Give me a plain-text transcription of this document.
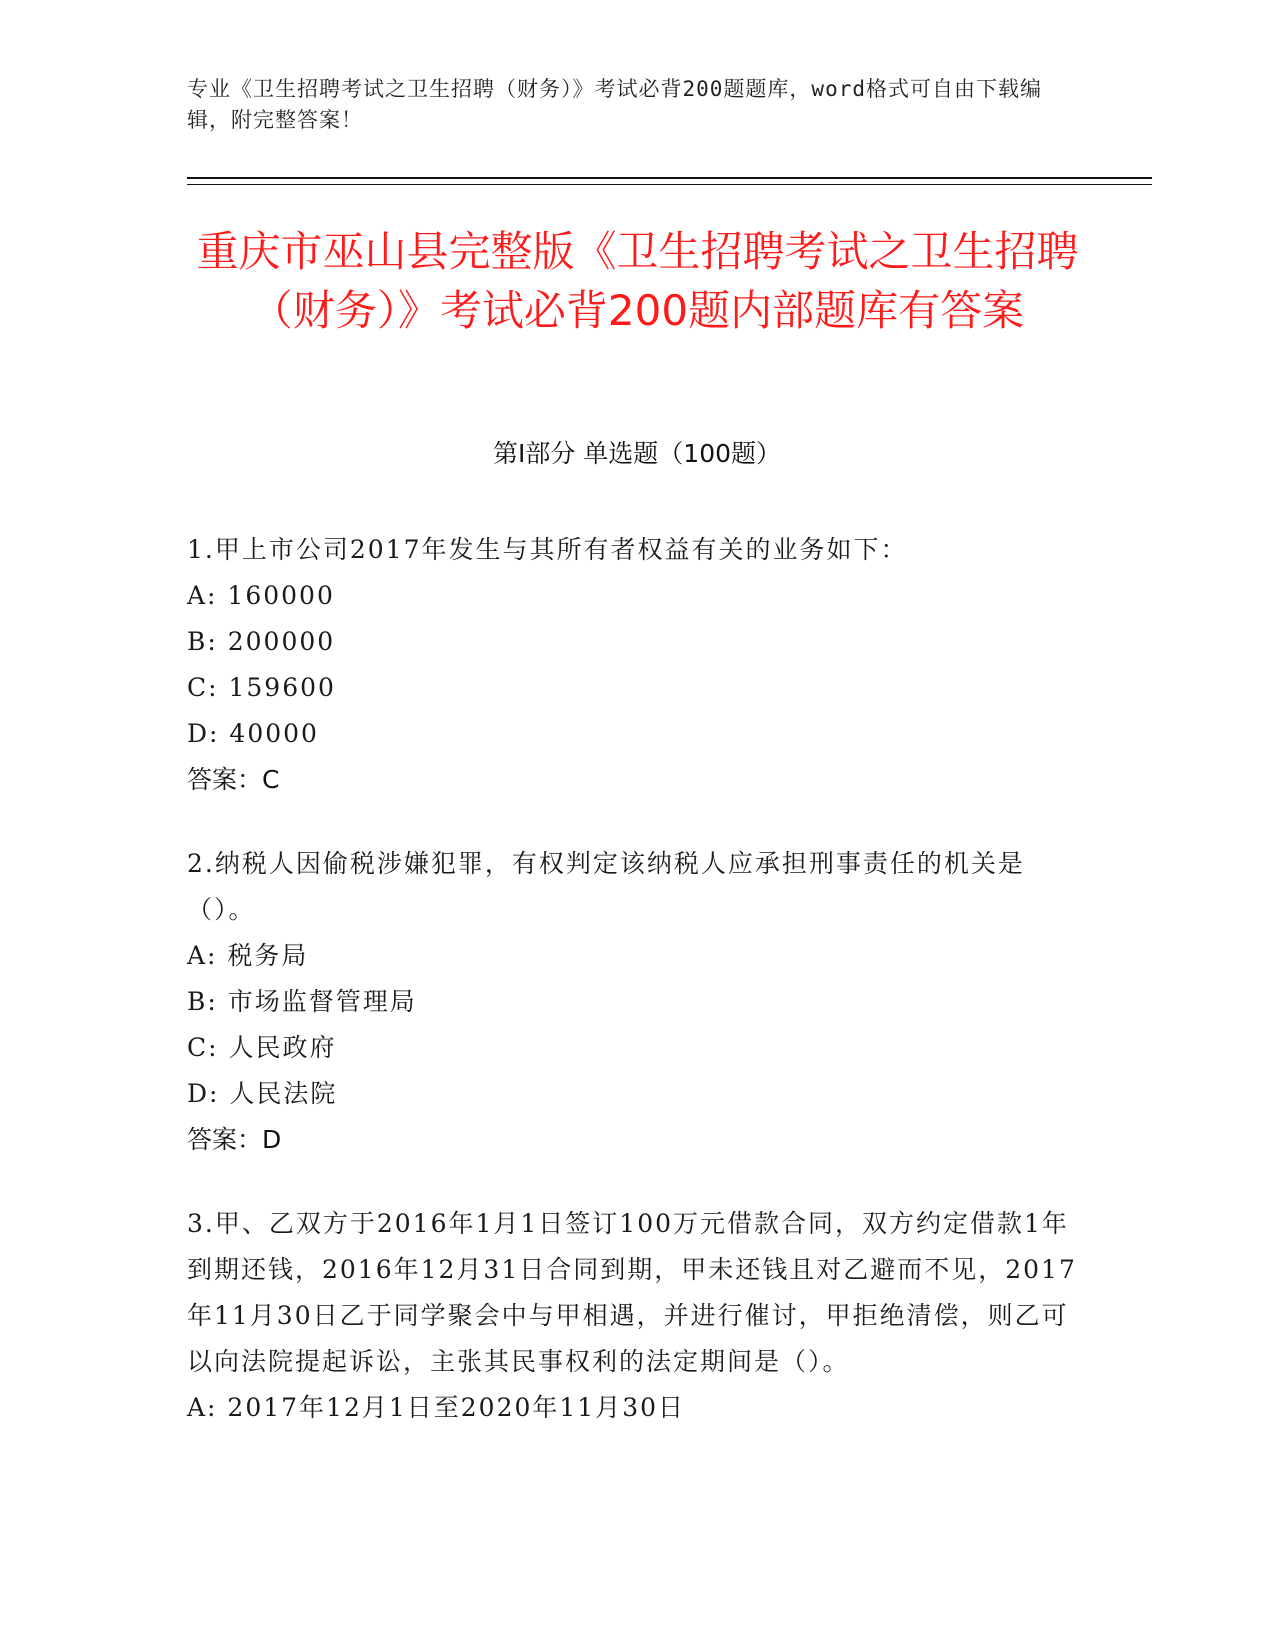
专业《卫生招聘考试之卫生招聘（财务）》考试必背200题题库，word格式可自由下载编辑，附完整答案！
重庆市巫山县完整版《卫生招聘考试之卫生招聘（财务）》考试必背200题内部题库有答案
第Ⅰ部分 单选题（100题）
1.甲上市公司2017年发生与其所有者权益有关的业务如下：
A: 160000
B: 200000
C: 159600
D: 40000
答案：C
2.纳税人因偷税涉嫌犯罪，有权判定该纳税人应承担刑事责任的机关是（）。
A: 税务局
B: 市场监督管理局
C: 人民政府
D: 人民法院
答案：D
3.甲、乙双方于2016年1月1日签订100万元借款合同，双方约定借款1年到期还钱，2016年12月31日合同到期，甲未还钱且对乙避而不见，2017年11月30日乙于同学聚会中与甲相遇，并进行催讨，甲拒绝清偿，则乙可以向法院提起诉讼，主张其民事权利的法定期间是（）。
A: 2017年12月1日至2020年11月30日
